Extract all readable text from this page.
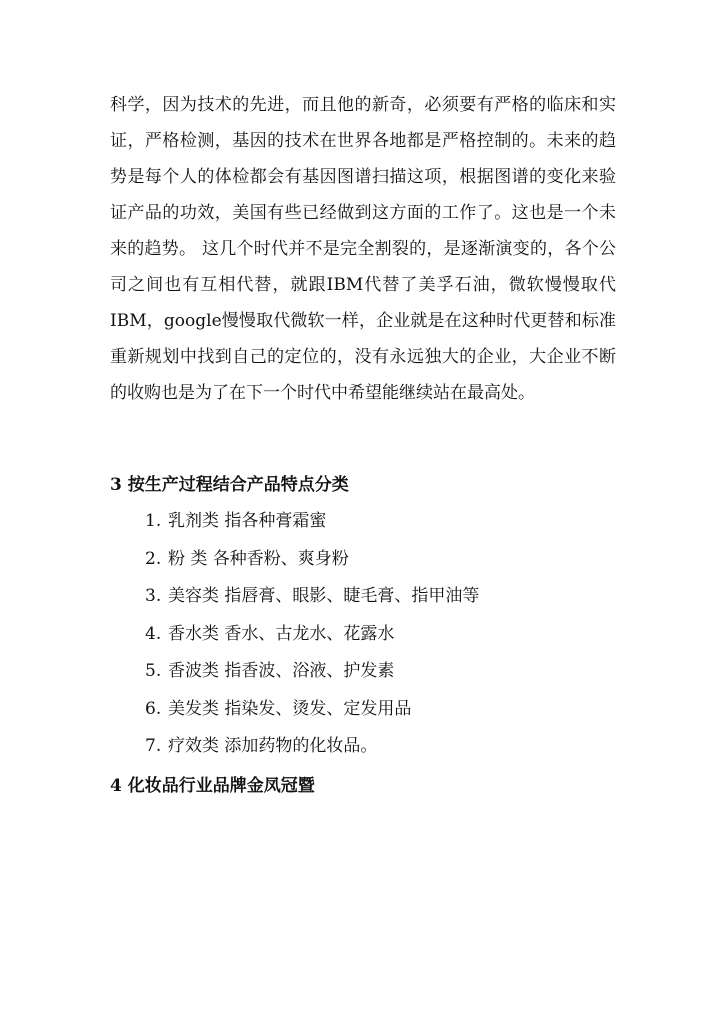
科学，因为技术的先进，而且他的新奇，必须要有严格的临床和实证，严格检测，基因的技术在世界各地都是严格控制的。未来的趋势是每个人的体检都会有基因图谱扫描这项，根据图谱的变化来验证产品的功效，美国有些已经做到这方面的工作了。这也是一个未来的趋势。 这几个时代并不是完全割裂的，是逐渐演变的，各个公司之间也有互相代替，就跟IBM代替了美孚石油，微软慢慢取代IBM，google慢慢取代微软一样，企业就是在这种时代更替和标准重新规划中找到自己的定位的，没有永远独大的企业，大企业不断的收购也是为了在下一个时代中希望能继续站在最高处。

3 按生产过程结合产品特点分类
1. 乳剂类 指各种膏霜蜜
2. 粉 类 各种香粉、爽身粉
3. 美容类 指唇膏、眼影、睫毛膏、指甲油等
4. 香水类 香水、古龙水、花露水
5. 香波类 指香波、浴液、护发素
6. 美发类 指染发、烫发、定发用品
7. 疗效类 添加药物的化妆品。
4 化妆品行业品牌金凤冠暨
